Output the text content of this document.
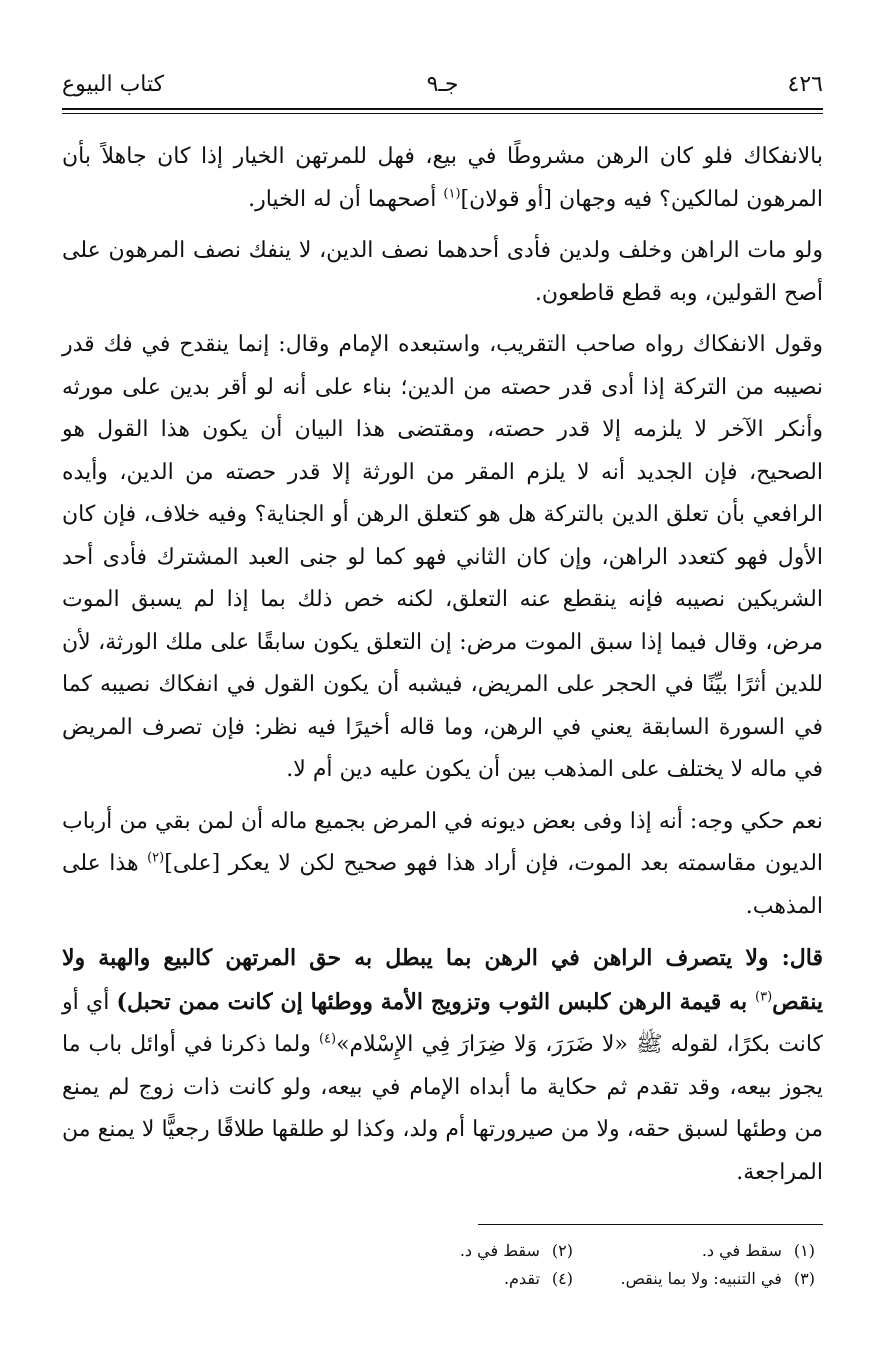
٤٢٦
جـ٩
كتاب البيوع

بالانفكاك فلو كان الرهن مشروطًا في بيع، فهل للمرتهن الخيار إذا كان جاهلاً بأن المرهون لمالكين؟ فيه وجهان [أو قولان]$^{(١)}$ أصحهما أن له الخيار.

ولو مات الراهن وخلف ولدين فأدى أحدهما نصف الدين، لا ينفك نصف المرهون على أصح القولين، وبه قطع قاطعون.

وقول الانفكاك رواه صاحب التقريب، واستبعده الإمام وقال: إنما ينقدح في فك قدر نصيبه من التركة إذا أدى قدر حصته من الدين؛ بناء على أنه لو أقر بدين على مورثه وأنكر الآخر لا يلزمه إلا قدر حصته، ومقتضى هذا البيان أن يكون هذا القول هو الصحيح، فإن الجديد أنه لا يلزم المقر من الورثة إلا قدر حصته من الدين، وأيده الرافعي بأن تعلق الدين بالتركة هل هو كتعلق الرهن أو الجناية؟ وفيه خلاف، فإن كان الأول فهو كتعدد الراهن، وإن كان الثاني فهو كما لو جنى العبد المشترك فأدى أحد الشريكين نصيبه فإنه ينقطع عنه التعلق، لكنه خص ذلك بما إذا لم يسبق الموت مرض، وقال فيما إذا سبق الموت مرض: إن التعلق يكون سابقًا على ملك الورثة، لأن للدين أثرًا بيِّنًا في الحجر على المريض، فيشبه أن يكون القول في انفكاك نصيبه كما في السورة السابقة يعني في الرهن، وما قاله أخيرًا فيه نظر: فإن تصرف المريض في ماله لا يختلف على المذهب بين أن يكون عليه دين أم لا.

نعم حكي وجه: أنه إذا وفى بعض ديونه في المرض بجميع ماله أن لمن بقي من أرباب الديون مقاسمته بعد الموت، فإن أراد هذا فهو صحيح لكن لا يعكر [على]$^{(٢)}$ هذا على المذهب.

قال: ولا يتصرف الراهن في الرهن بما يبطل به حق المرتهن كالبيع والهبة ولا ينقص$^{(٣)}$ به قيمة الرهن كلبس الثوب وتزويج الأمة ووطئها إن كانت ممن تحبل) أي أو كانت بكرًا، لقوله ﷺ «لا ضَرَرَ، وَلا ضِرَارَ فِي الإِسْلام»$^{(٤)}$ ولما ذكرنا في أوائل باب ما يجوز بيعه، وقد تقدم ثم حكاية ما أبداه الإمام في بيعه، ولو كانت ذات زوج لم يمنع من وطئها لسبق حقه، ولا من صيرورتها أم ولد، وكذا لو طلقها طلاقًا رجعيًّا لا يمنع من المراجعة.

(١)سقط في د.
(٢)سقط في د.
(٣)في التنبيه: ولا بما ينقص.
(٤)تقدم.
